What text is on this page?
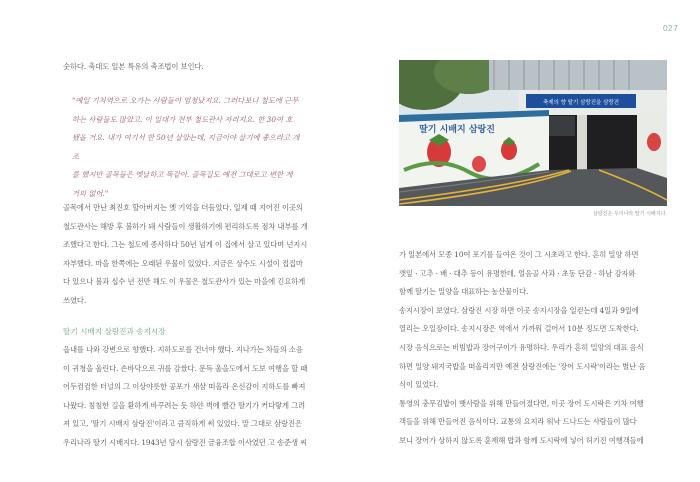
027

숫하다. 축대도 일본 특유의 축조법이 보인다.

"예일 기차역으로 오가는 사람들이 엄청났지요. 그러다보니 철도에 근무

하는 사람들도 많았고. 이 일대가 전부 철도관사 자리지요. 한 30여 호

됐을 거요. 내가 여기서 한 50년 살았는데, 지금이야 살기에 좋으라고 개조

를 했지만 골목들은 옛날하고 똑같아. 골목길도 예전 그대로고 변한 게

거의 없어."

골목에서 만난 최진호 할아버지는 옛 기억을 더듬었다. 일제 때 지어진 이곳의

철도관사는 해방 후 불하가 돼 사람들이 생활하기에 편리하도록 점차 내부를 개

조했다고 한다. 그는 철도에 종사하다 50년 넘게 이 집에서 살고 있다며 넌지시

자부했다. 마을 한쪽에는 오래된 우물이 있었다. 지금은 상수도 시설이 접집마

다 있으나 불과 십수 년 전만 해도 이 우물은 철도관사가 있는 마을에 긴요하게

쓰였다.

딸기 시배지 삼랑진과 송지시장

읍내를 나와 강변으로 향했다. 지하도로를 건너야 했다. 지나가는 차들의 소음

이 귀청을 울린다. 손바닥으로 귀를 감쌌다. 문득 울을도에서 도보 여행을 할 때

어두컴컴한 터널의 그 이상야릇한 공포가 새삼 떠올라 온신감이 지하도를 빠져

나왔다. 침침한 길을 환하게 바꾸려는 듯 하얀 벽에 빨간 딸기가 커다랗게 그려

져 있고, '딸기 시배지 삼랑진'이라고 큼직하게 써 있었다. 말 그대로 삼랑진은

우리나라 딸기 시배지다. 1943년 당시 삼랑진 금융조합 이사였던 고 송준생 씨

축제의 향 딸기 삼랑진을 삼랑진
딸기 시배지 삼랑진
삼랑진은 우리나라 딸기 시배지다.

가 일본에서 모종 10여 포기를 들여온 것이 그 시초라고 한다. 흔히 밀양 하면

깻잎 · 고추 · 배 · 대추 등이 유명한데, 얼음골 사과 · 초동 단감 · 하남 감자와

함께 딸기는 밀양을 대표하는 농산물이다.

송지시장이 보였다. 삼랑진 시장 하면 이곳 송지시장을 일컫는데 4일과 9일에

열리는 오일장이다. 송지시장은 역에서 가까워 걸어서 10분 정도면 도착한다.

시장 음식으로는 비빔밥과 장어구이가 유명하다. 우리가 흔히 밀양의 대표 음식

하면 밀양 돼지국밥을 떠올리지만 예전 삼랑진에는 '장어 도시락'이라는 별난 음

식이 있었다.

통영의 충무김밥이 뱃사람을 위해 만들어졌다면, 이곳 장어 도시락은 기차 여행

객들을 위해 만들어진 음식이다. 교통의 요지라 워낙 드나드는 사람들이 많다

보니 장어가 상하지 않도록 훈제해 밥과 함께 도시락에 넣어 허기진 여행객들에
